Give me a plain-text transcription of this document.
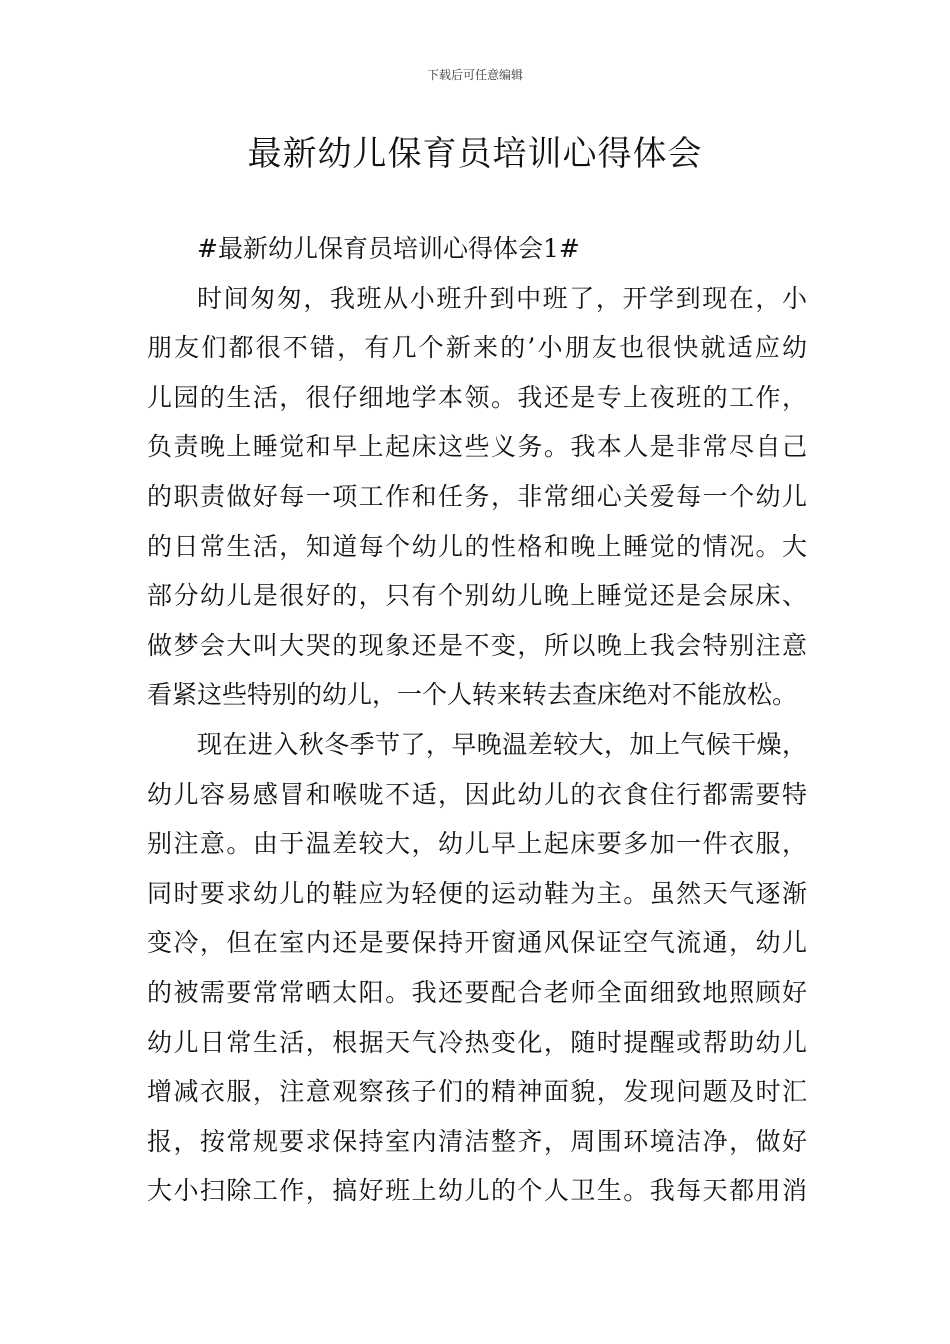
下载后可任意编辑
最新幼儿保育员培训心得体会
#最新幼儿保育员培训心得体会1#
时间匆匆，我班从小班升到中班了，开学到现在，小
朋友们都很不错，有几个新来的’小朋友也很快就适应幼
儿园的生活，很仔细地学本领。我还是专上夜班的工作，
负责晚上睡觉和早上起床这些义务。我本人是非常尽自己
的职责做好每一项工作和任务，非常细心关爱每一个幼儿
的日常生活，知道每个幼儿的性格和晚上睡觉的情况。大
部分幼儿是很好的，只有个别幼儿晚上睡觉还是会尿床、
做梦会大叫大哭的现象还是不变，所以晚上我会特别注意
看紧这些特别的幼儿，一个人转来转去查床绝对不能放松。
现在进入秋冬季节了，早晚温差较大，加上气候干燥，
幼儿容易感冒和喉咙不适，因此幼儿的衣食住行都需要特
别注意。由于温差较大，幼儿早上起床要多加一件衣服，
同时要求幼儿的鞋应为轻便的运动鞋为主。虽然天气逐渐
变冷，但在室内还是要保持开窗通风保证空气流通，幼儿
的被需要常常晒太阳。我还要配合老师全面细致地照顾好
幼儿日常生活，根据天气冷热变化，随时提醒或帮助幼儿
增减衣服，注意观察孩子们的精神面貌，发现问题及时汇
报，按常规要求保持室内清洁整齐，周围环境洁净，做好
大小扫除工作，搞好班上幼儿的个人卫生。我每天都用消
